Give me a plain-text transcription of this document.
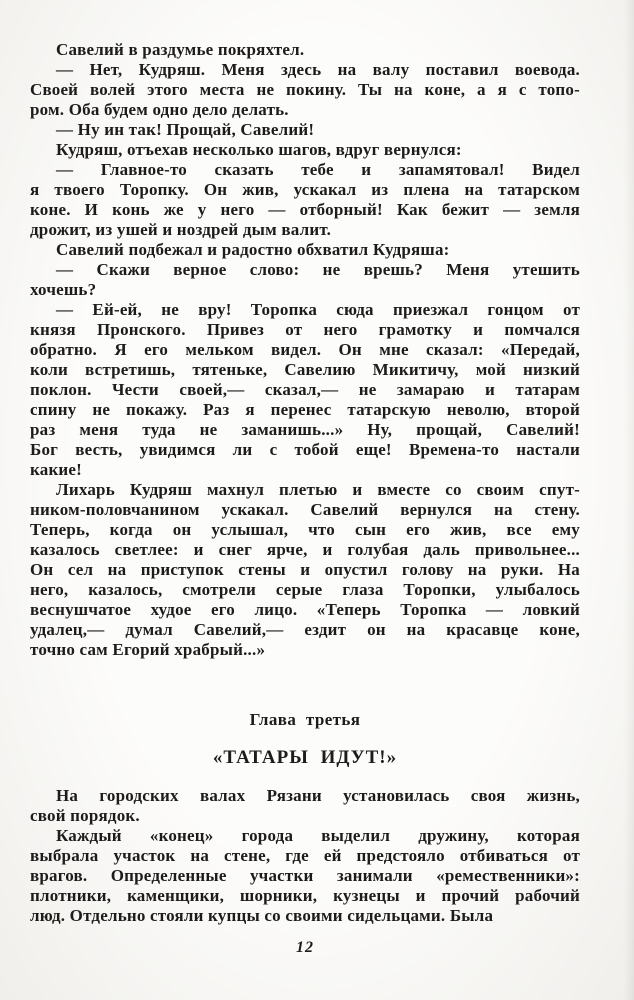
Савелий в раздумье покряхтел.
— Нет, Кудряш. Меня здесь на валу поставил воевода.
Своей волей этого места не покину. Ты на коне, а я с топо-
ром. Оба будем одно дело делать.
— Ну ин так! Прощай, Савелий!
Кудряш, отъехав несколько шагов, вдруг вернулся:
— Главное-то сказать тебе и запамятовал! Видел
я твоего Торопку. Он жив, ускакал из плена на татарском
коне. И конь же у него — отборный! Как бежит — земля
дрожит, из ушей и ноздрей дым валит.
Савелий подбежал и радостно обхватил Кудряша:
— Скажи верное слово: не врешь? Меня утешить
хочешь?
— Ей-ей, не вру! Торопка сюда приезжал гонцом от
князя Пронского. Привез от него грамотку и помчался
обратно. Я его мельком видел. Он мне сказал: «Передай,
коли встретишь, тятеньке, Савелию Микитичу, мой низкий
поклон. Чести своей,— сказал,— не замараю и татарам
спину не покажу. Раз я перенес татарскую неволю, второй
раз меня туда не заманишь...» Ну, прощай, Савелий!
Бог весть, увидимся ли с тобой еще! Времена-то настали
какие!
Лихарь Кудряш махнул плетью и вместе со своим спут-
ником-половчанином ускакал. Савелий вернулся на стену.
Теперь, когда он услышал, что сын его жив, все ему
казалось светлее: и снег ярче, и голубая даль привольнее...
Он сел на приступок стены и опустил голову на руки. На
него, казалось, смотрели серые глаза Торопки, улыбалось
веснушчатое худое его лицо. «Теперь Торопка — ловкий
удалец,— думал Савелий,— ездит он на красавце коне,
точно сам Егорий храбрый...»
Глава третья
«ТАТАРЫ ИДУТ!»
На городских валах Рязани установилась своя жизнь,
свой порядок.
Каждый «конец» города выделил дружину, которая
выбрала участок на стене, где ей предстояло отбиваться от
врагов. Определенные участки занимали «ремественники»:
плотники, каменщики, шорники, кузнецы и прочий рабочий
люд. Отдельно стояли купцы со своими сидельцами. Была
12
